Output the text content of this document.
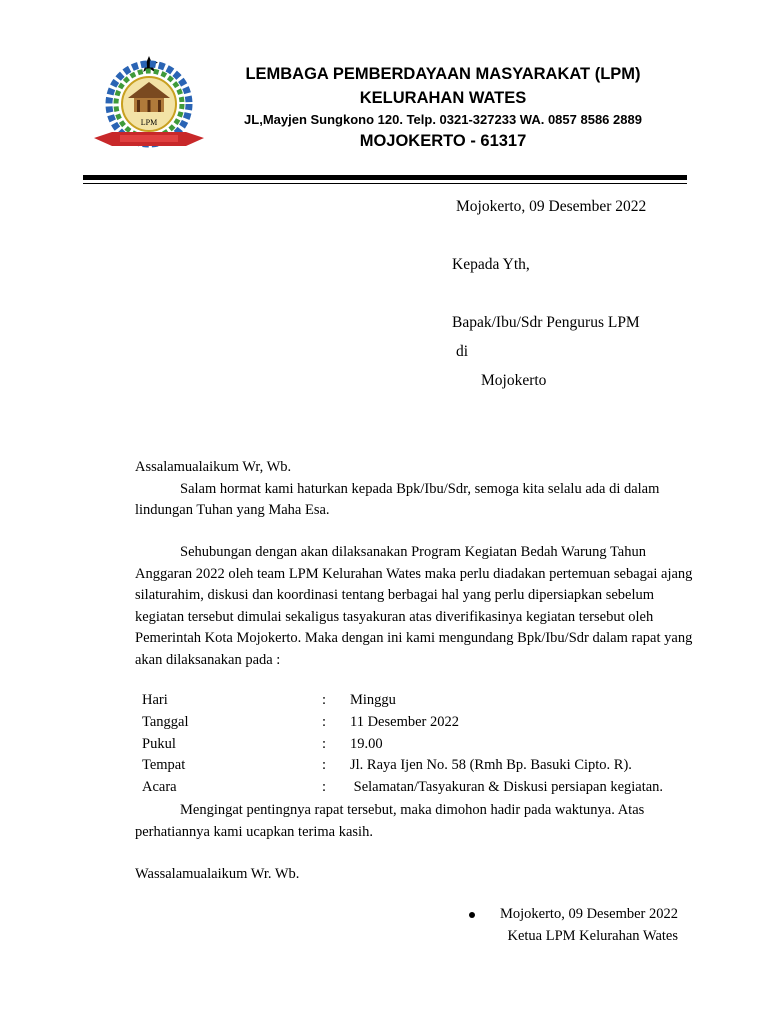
LPM
LEMBAGA PEMBERDAYAAN MASYARAKAT (LPM)
KELURAHAN WATES
JL,Mayjen Sungkono 120. Telp. 0321-327233 WA. 0857 8586 2889
MOJOKERTO - 61317
Mojokerto, 09 Desember 2022
Kepada Yth,
Bapak/Ibu/Sdr Pengurus LPM
di
Mojokerto

Assalamualaikum Wr, Wb.

Salam hormat kami haturkan kepada Bpk/Ibu/Sdr, semoga kita selalu ada di dalam lindungan Tuhan yang Maha Esa.

Sehubungan dengan akan dilaksanakan Program Kegiatan Bedah Warung Tahun Anggaran 2022 oleh team LPM Kelurahan Wates maka perlu diadakan pertemuan sebagai ajang silaturahim, diskusi dan koordinasi tentang berbagai hal yang perlu dipersiapkan sebelum kegiatan tersebut dimulai sekaligus tasyakuran atas diverifikasinya kegiatan tersebut oleh Pemerintah Kota Mojokerto. Maka dengan ini kami mengundang Bpk/Ibu/Sdr dalam rapat yang akan dilaksanakan pada :

Hari	: Minggu
Tanggal	: 11 Desember 2022
Pukul	: 19.00
Tempat	: Jl. Raya Ijen No. 58 (Rmh Bp. Basuki Cipto. R).
Acara	: Selamatan/Tasyakuran & Diskusi persiapan kegiatan.

Mengingat pentingnya rapat tersebut, maka dimohon hadir pada waktunya. Atas perhatiannya kami ucapkan terima kasih.

Wassalamualaikum Wr. Wb.

Mojokerto, 09 Desember 2022
Ketua LPM Kelurahan Wates
